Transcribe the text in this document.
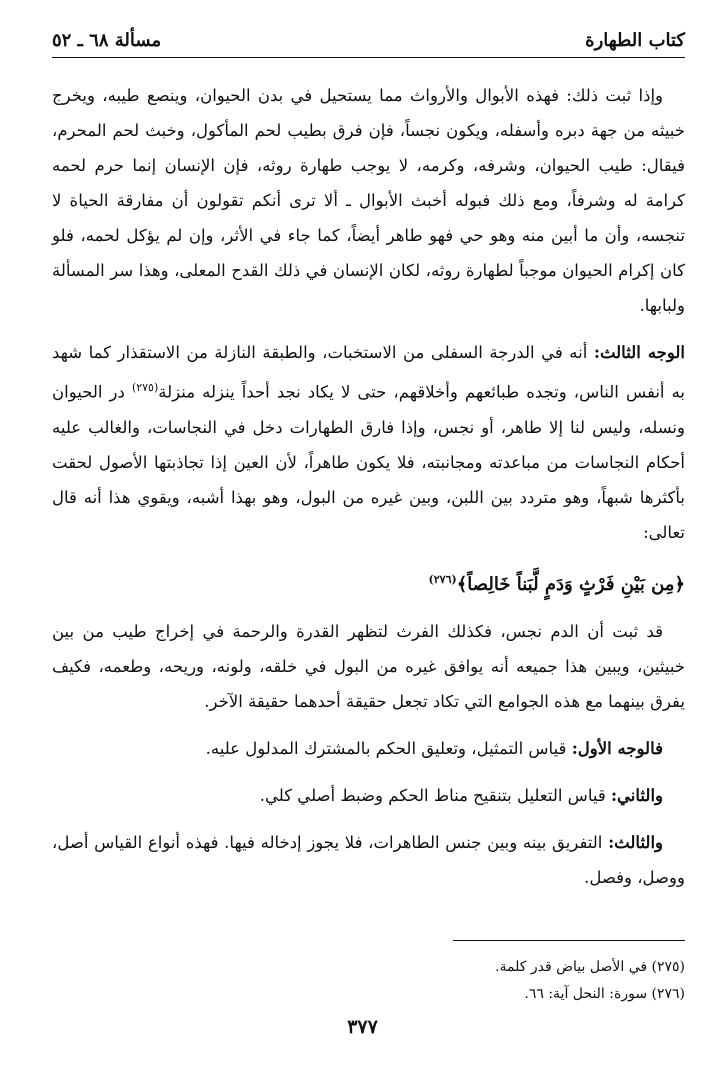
كتاب الطهارة
مسألة ٦٨ ـ ٥٢

وإذا ثبت ذلك: فهذه الأبوال والأرواث مما يستحيل في بدن الحيوان، وينصع طيبه، ويخرج خبيثه من جهة دبره وأسفله، ويكون نجساً، فإن فرق بطيب لحم المأكول، وخبث لحم المحرم، فيقال: طيب الحيوان، وشرفه، وكرمه، لا يوجب طهارة روثه، فإن الإنسان إنما حرم لحمه كرامة له وشرفاً، ومع ذلك فبوله أخبث الأبوال ـ ألا ترى أنكم تقولون أن مفارقة الحياة لا تنجسه، وأن ما أبين منه وهو حي فهو طاهر أيضاً، كما جاء في الأثر، وإن لم يؤكل لحمه، فلو كان إكرام الحيوان موجباً لطهارة روثه، لكان الإنسان في ذلك القدح المعلى، وهذا سر المسألة ولبابها.

الوجه الثالث: أنه في الدرجة السفلى من الاستخبات، والطبقة النازلة من الاستقذار كما شهد به أنفس الناس، وتجده طبائعهم وأخلاقهم، حتى لا يكاد نجد أحداً ينزله منزلة$^{(٢٧٥)}$ در الحيوان ونسله، وليس لنا إلا طاهر، أو نجس، وإذا فارق الطهارات دخل في النجاسات، والغالب عليه أحكام النجاسات من مباعدته ومجانبته، فلا يكون طاهراً، لأن العين إذا تجاذبتها الأصول لحقت بأكثرها شبهاً، وهو متردد بين اللبن، وبين غيره من البول، وهو بهذا أشبه، ويقوي هذا أنه قال تعالى:

﴿مِن بَيْنِ فَرْثٍ وَدَمٍ لَّبَناً خَالِصاً﴾$^{(٢٧٦)}$

قد ثبت أن الدم نجس، فكذلك الفرث لتظهر القدرة والرحمة في إخراج طيب من بين خبيثين، ويبين هذا جميعه أنه يوافق غيره من البول في خلقه، ولونه، وريحه، وطعمه، فكيف يفرق بينهما مع هذه الجوامع التي تكاد تجعل حقيقة أحدهما حقيقة الآخر.

فالوجه الأول: قياس التمثيل، وتعليق الحكم بالمشترك المدلول عليه.

والثاني: قياس التعليل بتنقيح مناط الحكم وضبط أصلي كلي.

والثالث: التفريق بينه وبين جنس الطاهرات، فلا يجوز إدخاله فيها. فهذه أنواع القياس أصل، ووصل، وفصل.

(٢٧٥) في الأصل بياض قدر كلمة.
(٢٧٦) سورة: النحل آية: ٦٦.
٣٧٧
